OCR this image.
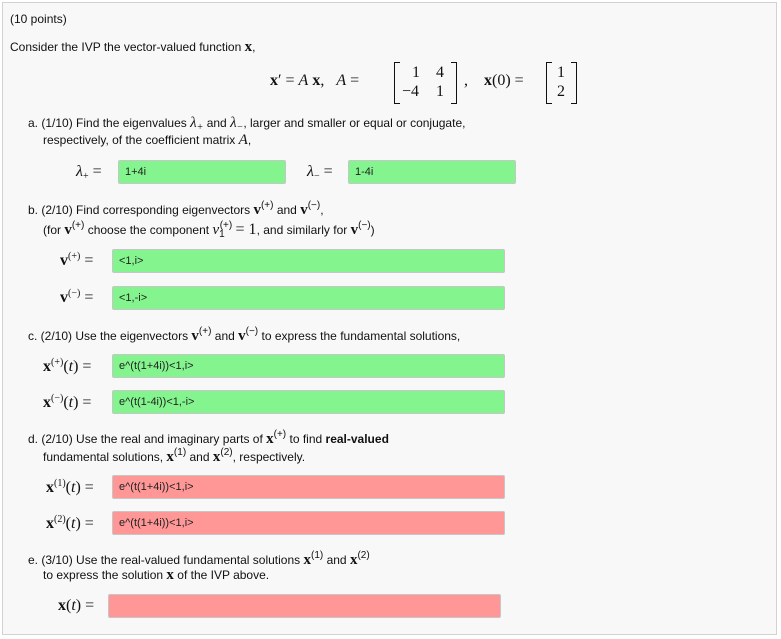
(10 points)
Consider the IVP the vector-valued function x,
x′ = A x,   A =	1 4
−4 1
,    x(0) = 1
2
a. (1/10) Find the eigenvalues $\lambda_+$ and $\lambda_-$, larger and smaller or equal or conjugate,
respectively, of the coefficient matrix A,
$\lambda_+$ =
1+4i	$\lambda_-$ =
1-4i
b. (2/10) Find corresponding eigenvectors v(+) and v(−),
(for v(+) choose the component $v_1^{(+)} = 1$, and similarly for v(−))
v(+) =
<1,i>
v(−) =
<1,-i>
c. (2/10) Use the eigenvectors v(+) and v(−) to express the fundamental solutions,
x(+)(t) =
e^(t(1+4i))<1,i>
x(−)(t) =
e^(t(1-4i))<1,-i>
d. (2/10) Use the real and imaginary parts of x(+) to find real-valued
fundamental solutions, $x^{(1)}$ and $x^{(2)}$, respectively.
$x^{(1)}(t)$ =
e^(t(1+4i))<1,i>
$x^{(2)}(t)$ =
e^(t(1+4i))<1,i>
e. (3/10) Use the real-valued fundamental solutions $x^{(1)}$ and $x^{(2)}$
to express the solution x of the IVP above.
x(t) =
